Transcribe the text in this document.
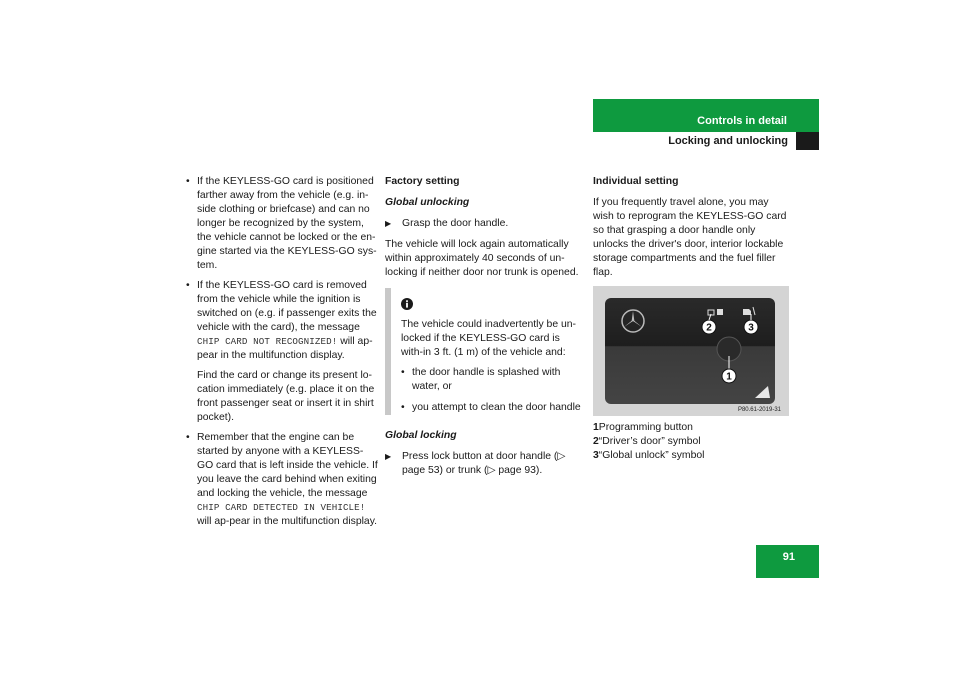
Controls in detail
Locking and unlocking
• If the KEYLESS-GO card is positioned farther away from the vehicle (e.g. in-side clothing or briefcase) and can no longer be recognized by the system, the vehicle cannot be locked or the en-gine started via the KEYLESS-GO sys-tem.
• If the KEYLESS-GO card is removed from the vehicle while the ignition is switched on (e.g. if passenger exits the vehicle with the card), the message CHIP CARD NOT RECOGNIZED! will ap-pear in the multifunction display.
Find the card or change its present lo-cation immediately (e.g. place it on the front passenger seat or insert it in shirt pocket).
• Remember that the engine can be started by anyone with a KEYLESS-GO card that is left inside the vehicle. If you leave the card behind when exiting and locking the vehicle, the message CHIP CARD DETECTED IN VEHICLE! will ap-pear in the multifunction display.
Factory setting
Global unlocking
▶ Grasp the door handle.
The vehicle will lock again automatically within approximately 40 seconds of un-locking if neither door nor trunk is opened.
The vehicle could inadvertently be un-locked if the KEYLESS-GO card is with-in 3 ft. (1 m) of the vehicle and:
• the door handle is splashed with water, or
• you attempt to clean the door handle
Global locking
▶ Press lock button at door handle (▷ page 53) or trunk (▷ page 93).
Individual setting
If you frequently travel alone, you may wish to reprogram the KEYLESS-GO card so that grasping a door handle only unlocks the driver's door, interior lockable storage compartments and the fuel filler flap.
2	3
1
P80.61-2019-31
1Programming button
2“Driver’s door” symbol
3“Global unlock” symbol
91
